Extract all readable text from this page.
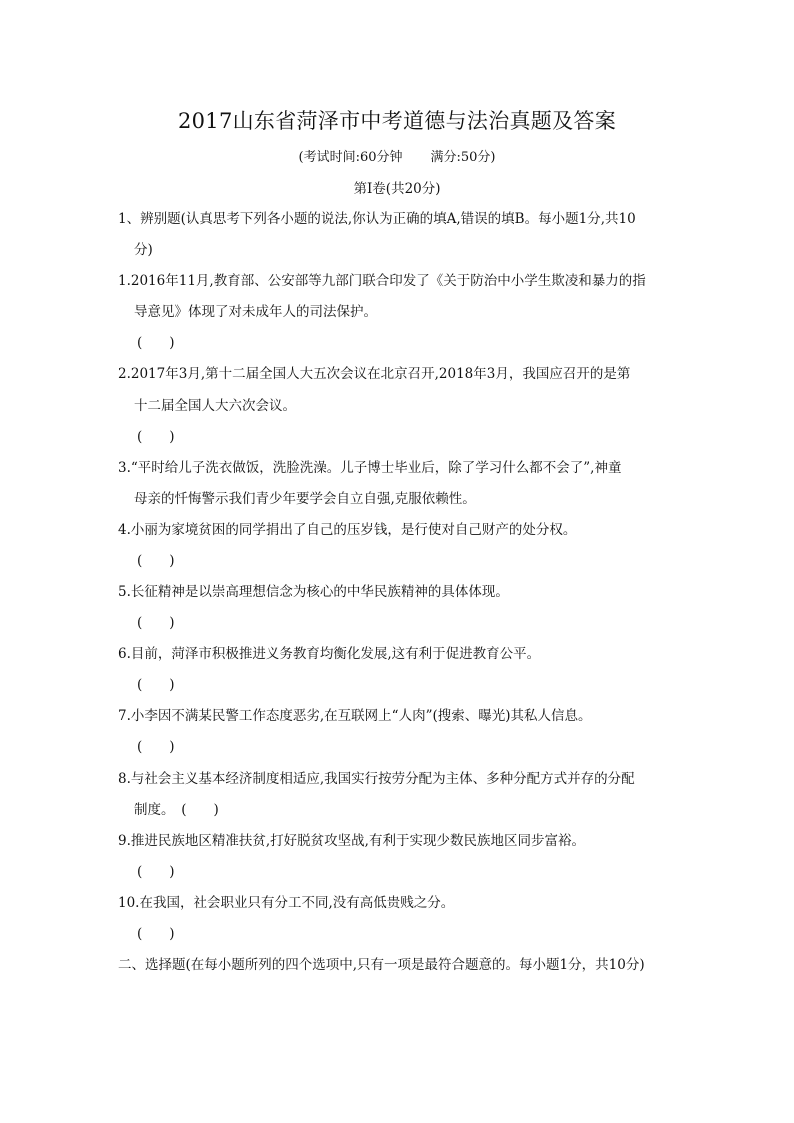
2017山东省菏泽市中考道德与法治真题及答案
(考试时间:60分钟 满分:50分)
第Ⅰ卷(共20分)
1、辨别题(认真思考下列各小题的说法,你认为正确的填A,错误的填B。每小题1分,共10
分)
1.2016年11月,教育部、公安部等九部门联合印发了《关于防治中小学生欺凌和暴力的指
导意见》体现了对未成年人的司法保护。
(　　)
2.2017年3月,第十二届全国人大五次会议在北京召开,2018年3月，我国应召开的是第
十二届全国人大六次会议。
(　　)
3.“平时给儿子洗衣做饭，洗脸洗澡。儿子博士毕业后，除了学习什么都不会了”,神童
母亲的忏悔警示我们青少年要学会自立自强,克服依赖性。
4.小丽为家境贫困的同学捐出了自己的压岁钱，是行使对自己财产的处分权。
(　　)
5.长征精神是以崇高理想信念为核心的中华民族精神的具体体现。
(　　)
6.目前，菏泽市积极推进义务教育均衡化发展,这有利于促进教育公平。
(　　)
7.小李因不满某民警工作态度恶劣,在互联网上“人肉”(搜索、曝光)其私人信息。
(　　)
8.与社会主义基本经济制度相适应,我国实行按劳分配为主体、多种分配方式并存的分配
制度。　(　　)
9.推进民族地区精准扶贫,打好脱贫攻坚战,有利于实现少数民族地区同步富裕。
(　　)
10.在我国，社会职业只有分工不同,没有高低贵贱之分。
(　　)
二、选择题(在每小题所列的四个选项中,只有一项是最符合题意的。每小题1分，共10分)
